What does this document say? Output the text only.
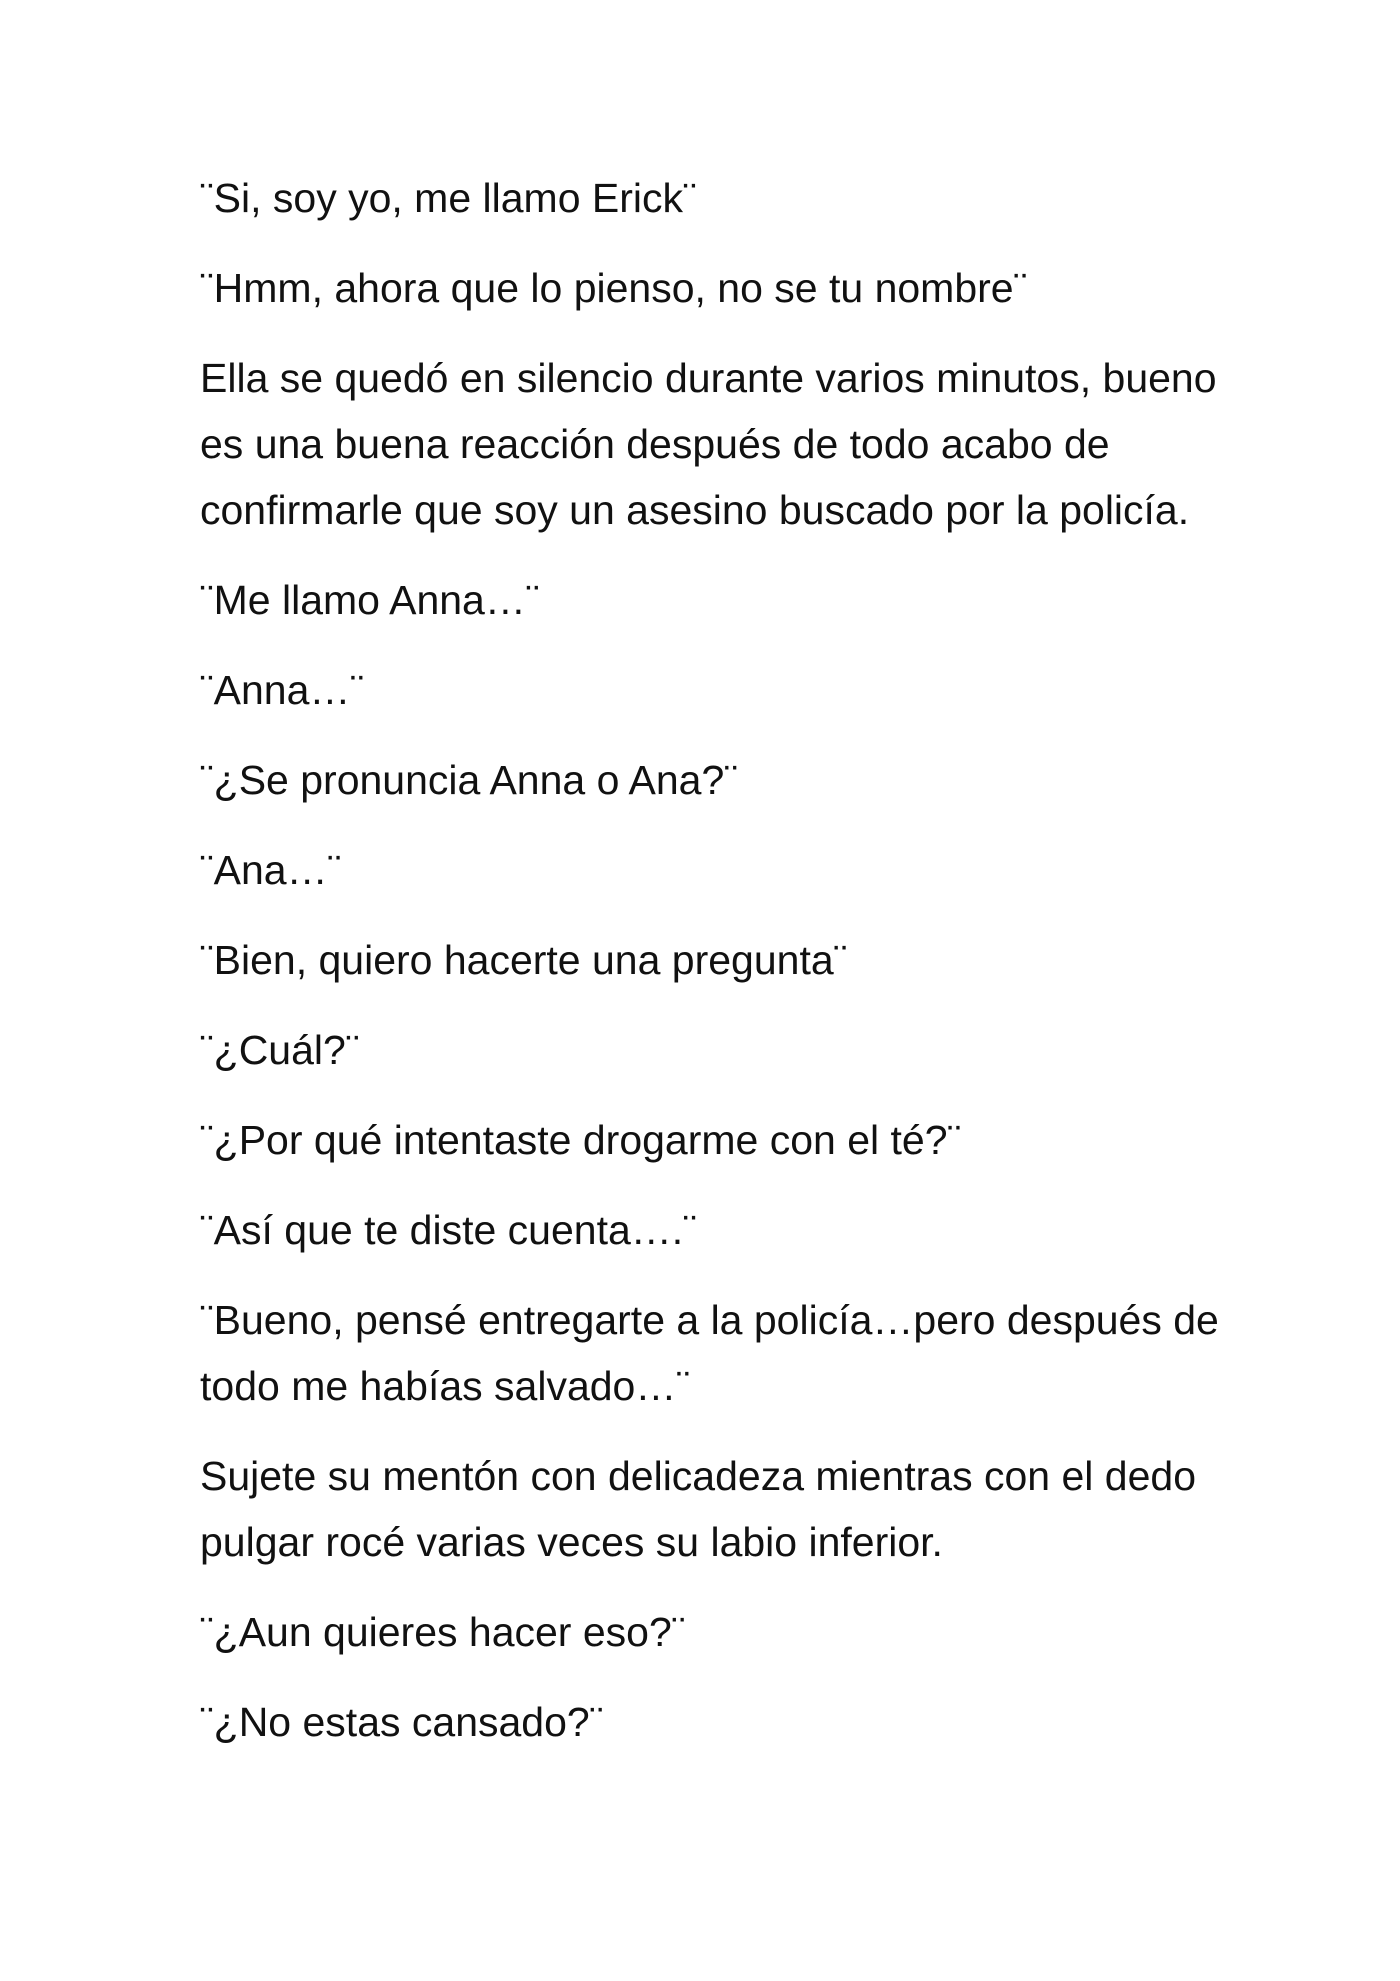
¨Si, soy yo, me llamo Erick¨

¨Hmm, ahora que lo pienso, no se tu nombre¨

Ella se quedó en silencio durante varios minutos, bueno es una buena reacción después de todo acabo de confirmarle que soy un asesino buscado por la policía.

¨Me llamo Anna…¨

¨Anna…¨

¨¿Se pronuncia Anna o Ana?¨

¨Ana…¨

¨Bien, quiero hacerte una pregunta¨

¨¿Cuál?¨

¨¿Por qué intentaste drogarme con el té?¨

¨Así que te diste cuenta….¨

¨Bueno, pensé entregarte a la policía…pero después de todo me habías salvado…¨

Sujete su mentón con delicadeza mientras con el dedo pulgar rocé varias veces su labio inferior.

¨¿Aun quieres hacer eso?¨

¨¿No estas cansado?¨
